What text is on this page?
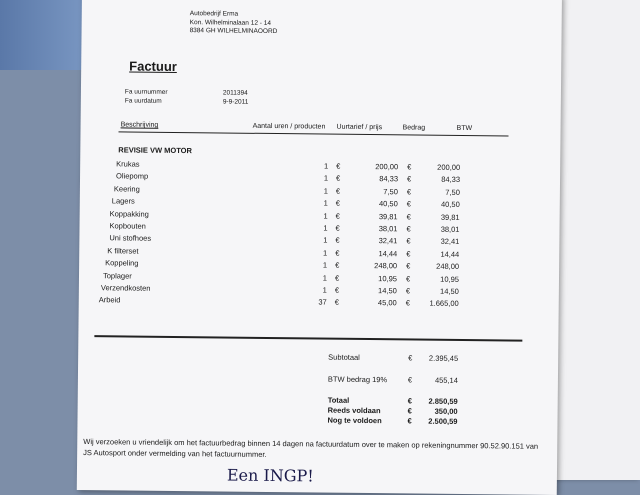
Autobedrijf Erma
Kon. Wilhelminalaan 12 - 14
8384 GH WILHELMINAOORD
Factuur
Fa uurnummer	2011394
Fa uurdatum	9-9-2011
Beschrijving	Aantal uren / producten Uurtarief / prijs	Bedrag	BTW
REVISIE VW MOTOR
Krukas	1 €	200,00 €	200,00
Oliepomp	1 €	84,33 €	84,33
Keering	1 €	7,50 €	7,50
Lagers	1 €	40,50 €	40,50
Koppakking	1 €	39,81 €	39,81
Kopbouten	1 €	38,01 €	38,01
Uni stofhoes	1 €	32,41 €	32,41
K filterset	1 €	14,44 €	14,44
Koppeling	1 €	248,00 €	248,00
Toplager	1 €	10,95 €	10,95
Verzendkosten	1 €	14,50 €	14,50
Arbeid	37 €	45,00 €	1.665,00
Subtotaal	€	2.395,45
BTW bedrag 19%	€	455,14
Totaal	€	2.850,59
Reeds voldaan	€	350,00
Nog te voldoen	€	2.500,59
Wij verzoeken u vriendelijk om het factuurbedrag binnen 14 dagen na factuurdatum over te maken op rekeningnummer 90.52.90.151 van
JS Autosport onder vermelding van het factuurnummer.
Een INGP!
